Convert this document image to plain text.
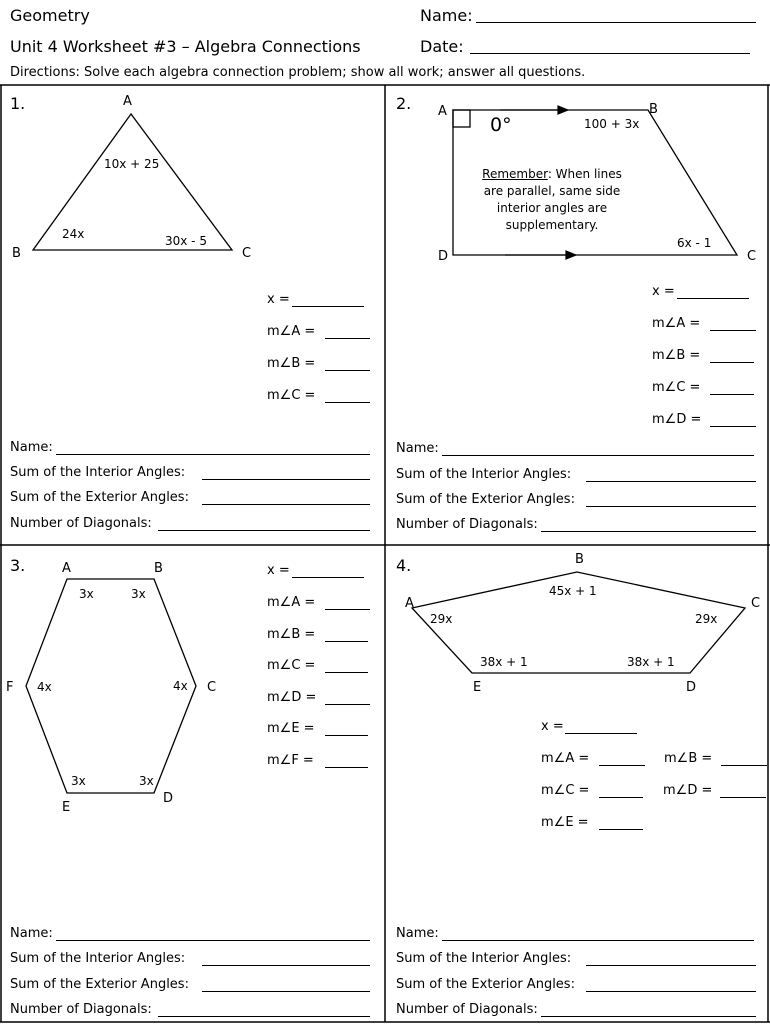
Geometry	Name:
Unit 4 Worksheet #3 – Algebra Connections	Date:
Directions: Solve each algebra connection problem; show all work; answer all questions.
1.	A
B	C
10x + 25
24x	30x - 5
x =
m∠A =
m∠B =
m∠C =
Name:
Sum of the Interior Angles:
Sum of the Exterior Angles:
Number of Diagonals:
2. A	B
C
D
0°	100 + 3x
6x - 1
Remember: When lines
are parallel, same side
interior angles are
supplementary.
x =
m∠A =
m∠B =
m∠C =
m∠D =
Name:
Sum of the Interior Angles:
Sum of the Exterior Angles:
Number of Diagonals:
3.	A	B
C
D
E
F
3x	3x
4x
4x
3x	3x
x =
m∠A =
m∠B =
m∠C =
m∠D =
m∠E =
m∠F =
Name:
Sum of the Interior Angles:
Sum of the Exterior Angles:
Number of Diagonals:
4.
A
B
C
D
E
45x + 1
29x	29x
38x + 1	38x + 1
x =
m∠A =	m∠B =
m∠C =	m∠D =
m∠E =
Name:
Sum of the Interior Angles:
Sum of the Exterior Angles:
Number of Diagonals:
